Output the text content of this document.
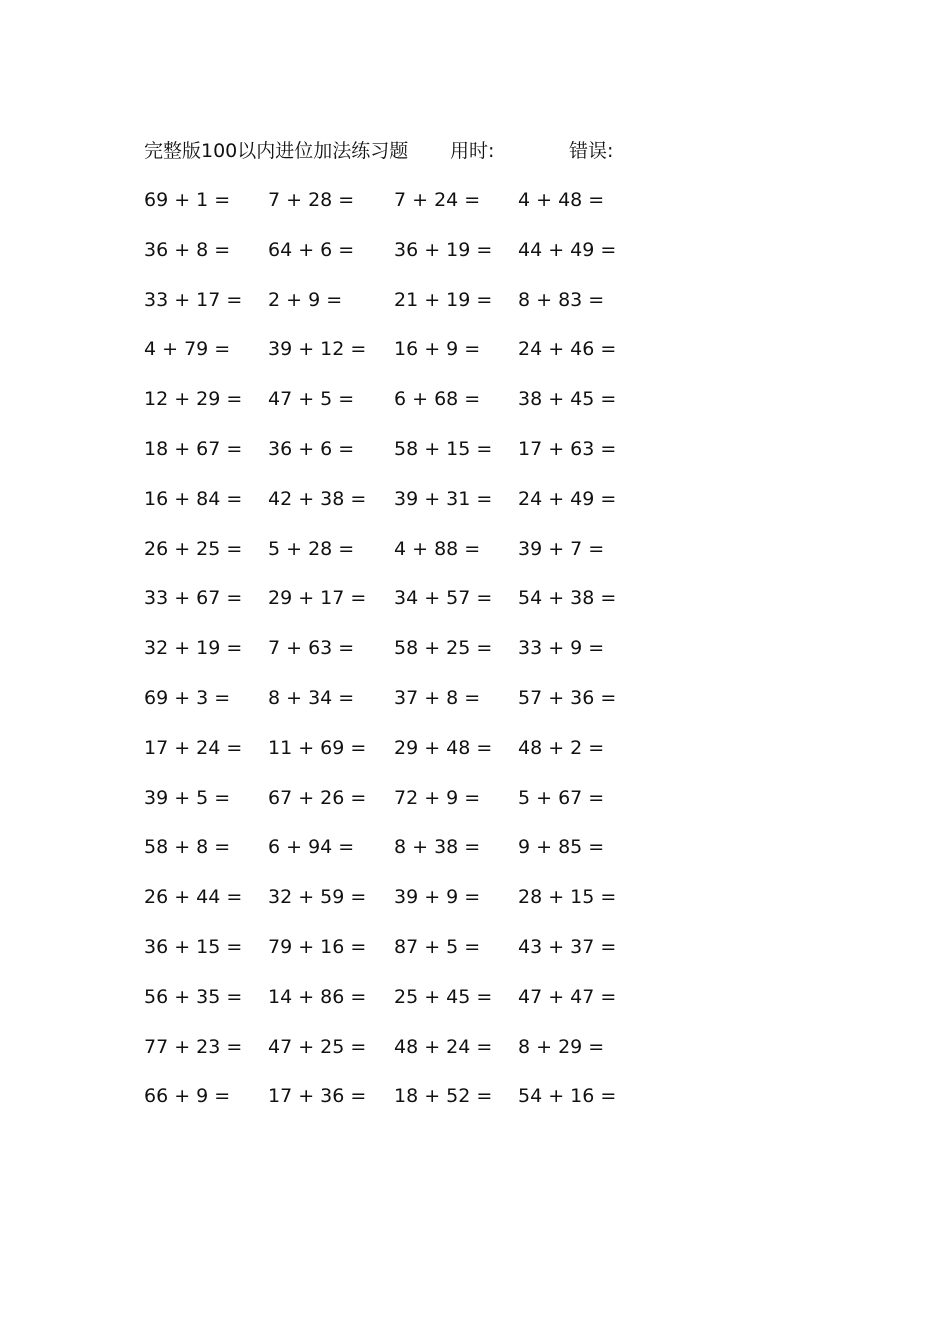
完整版100以内进位加法练习题 用时:	错误:
69 + 1 = 7 + 28 = 7 + 24 = 4 + 48 =
36 + 8 = 64 + 6 = 36 + 19 = 44 + 49 =
33 + 17 = 2 + 9 =	21 + 19 = 8 + 83 =
4 + 79 = 39 + 12 = 16 + 9 = 24 + 46 =
12 + 29 = 47 + 5 = 6 + 68 = 38 + 45 =
18 + 67 = 36 + 6 = 58 + 15 = 17 + 63 =
16 + 84 = 42 + 38 = 39 + 31 = 24 + 49 =
26 + 25 = 5 + 28 = 4 + 88 = 39 + 7 =
33 + 67 = 29 + 17 = 34 + 57 = 54 + 38 =
32 + 19 = 7 + 63 = 58 + 25 = 33 + 9 =
69 + 3 = 8 + 34 = 37 + 8 = 57 + 36 =
17 + 24 = 11 + 69 = 29 + 48 = 48 + 2 =
39 + 5 = 67 + 26 = 72 + 9 = 5 + 67 =
58 + 8 = 6 + 94 = 8 + 38 = 9 + 85 =
26 + 44 = 32 + 59 = 39 + 9 = 28 + 15 =
36 + 15 = 79 + 16 = 87 + 5 = 43 + 37 =
56 + 35 = 14 + 86 = 25 + 45 = 47 + 47 =
77 + 23 = 47 + 25 = 48 + 24 = 8 + 29 =
66 + 9 = 17 + 36 = 18 + 52 = 54 + 16 =
